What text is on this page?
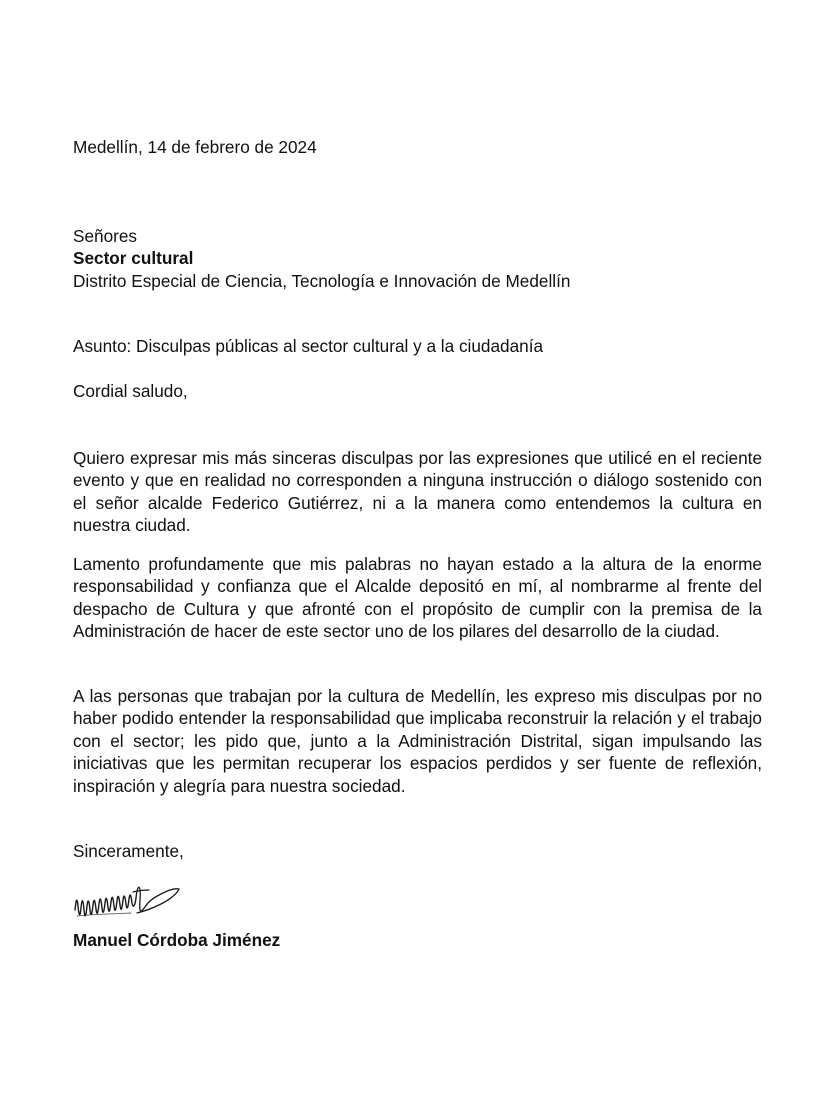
Medellín, 14 de febrero de 2024

Señores
Sector cultural
Distrito Especial de Ciencia, Tecnología e Innovación de Medellín

Asunto: Disculpas públicas al sector cultural y a la ciudadanía

Cordial saludo,

Quiero expresar mis más sinceras disculpas por las expresiones que utilicé en el reciente evento y que en realidad no corresponden a ninguna instrucción o diálogo sostenido con el señor alcalde Federico Gutiérrez, ni a la manera como entendemos la cultura en nuestra ciudad.

Lamento profundamente que mis palabras no hayan estado a la altura de la enorme responsabilidad y confianza que el Alcalde depositó en mí, al nombrarme al frente del despacho de Cultura y que afronté con el propósito de cumplir con la premisa de la Administración de hacer de este sector uno de los pilares del desarrollo de la ciudad.

A las personas que trabajan por la cultura de Medellín, les expreso mis disculpas por no haber podido entender la responsabilidad que implicaba reconstruir la relación y el trabajo con el sector; les pido que, junto a la Administración Distrital, sigan impulsando las iniciativas que les permitan recuperar los espacios perdidos y ser fuente de reflexión, inspiración y alegría para nuestra sociedad.

Sinceramente,

Manuel Córdoba Jiménez
